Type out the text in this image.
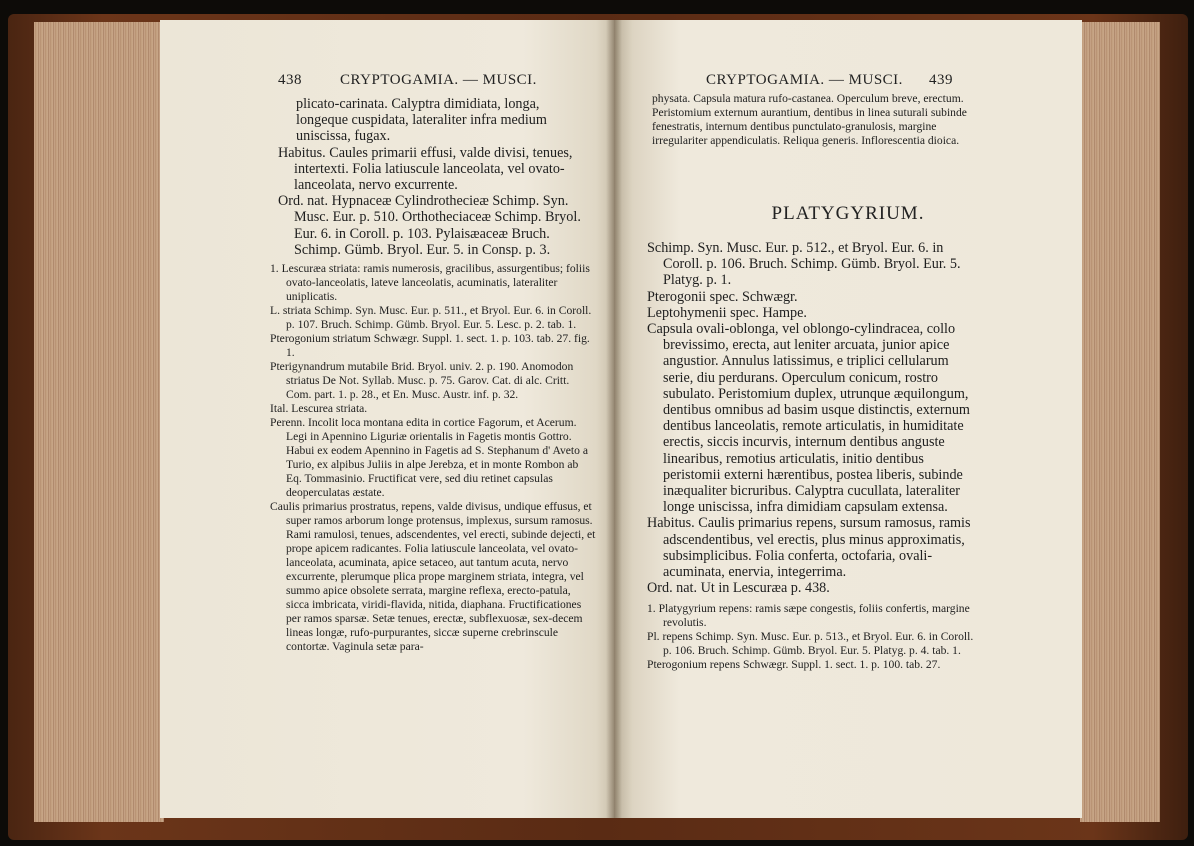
438	CRYPTOGAMIA. — MUSCI.

plicato-carinata. Calyptra dimidiata, longa, longeque cuspidata, lateraliter infra medium uniscissa, fugax.

Habitus. Caules primarii effusi, valde divisi, tenues, intertexti. Folia latiuscule lanceolata, vel ovato-lanceolata, nervo excurrente.

Ord. nat. Hypnaceæ Cylindrotheciеæ Schimp. Syn. Musc. Eur. p. 510. Orthotheciaceæ Schimp. Bryol. Eur. 6. in Coroll. p. 103. Pylaisæaceæ Bruch. Schimp. Gümb. Bryol. Eur. 5. in Consp. p. 3.

1. Lescuræa striata: ramis numerosis, gracilibus, assurgentibus; foliis ovato-lanceolatis, lateve lanceolatis, acuminatis, lateraliter uniplicatis.

L. striata Schimp. Syn. Musc. Eur. p. 511., et Bryol. Eur. 6. in Coroll. p. 107. Bruch. Schimp. Gümb. Bryol. Eur. 5. Lesc. p. 2. tab. 1.

Pterogonium striatum Schwægr. Suppl. 1. sect. 1. p. 103. tab. 27. fig. 1.

Pterigynandrum mutabile Brid. Bryol. univ. 2. p. 190. Anomodon striatus De Not. Syllab. Musc. p. 75. Garov. Cat. di alc. Critt. Com. part. 1. p. 28., et En. Musc. Austr. inf. p. 32.

Ital. Lescurea striata.

Perenn. Incolit loca montana edita in cortice Fagorum, et Acerum. Legi in Apennino Liguriæ orientalis in Fagetis montis Gottro. Habui ex eodem Apennino in Fagetis ad S. Stephanum d' Aveto a Turio, ex alpibus Juliis in alpe Jerebza, et in monte Rombon ab Eq. Tommasinio. Fructificat vere, sed diu retinet capsulas deoperculatas æstate.

Caulis primarius prostratus, repens, valde divisus, undique effusus, et super ramos arborum longe protensus, implexus, sursum ramosus. Rami ramulosi, tenues, adscendentes, vel erecti, subinde dejecti, et prope apicem radicantes. Folia latiuscule lanceolata, vel ovato-lanceolata, acuminata, apice setaceo, aut tantum acuta, nervo excurrente, plerumque plica prope marginem striata, integra, vel summo apice obsolete serrata, margine reflexa, erecto-patula, sicca imbricata, viridi-flavida, nitida, diaphana. Fructificationes per ramos sparsæ. Setæ tenues, erectæ, subflexuosæ, sex-decem lineas longæ, rufo-purpurantes, siccæ superne crebrinscule contortæ. Vaginula setæ para-

CRYPTOGAMIA. — MUSCI. 439
physata. Capsula matura rufo-castanea. Operculum breve, erectum. Peristomium externum aurantium, dentibus in linea suturali subinde fenestratis, internum dentibus punctulato-granulosis, margine irregulariter appendiculatis. Reliqua generis. Inflorescentia dioica.
PLATYGYRIUM.

Schimp. Syn. Musc. Eur. p. 512., et Bryol. Eur. 6. in Coroll. p. 106. Bruch. Schimp. Gümb. Bryol. Eur. 5. Platyg. p. 1.

Pterogonii spec. Schwægr.

Leptohymenii spec. Hampe.

Capsula ovali-oblonga, vel oblongo-cylindracea, collo brevissimo, erecta, aut leniter arcuata, junior apice angustior. Annulus latissimus, e triplici cellularum serie, diu perdurans. Operculum conicum, rostro subulato. Peristomium duplex, utrunque æquilongum, dentibus omnibus ad basim usque distinctis, externum dentibus lanceolatis, remote articulatis, in humiditate erectis, siccis incurvis, internum dentibus anguste linearibus, remotius articulatis, initio dentibus peristomii externi hærentibus, postea liberis, subinde inæqualiter bicruribus. Calyptra cucullata, lateraliter longe uniscissa, infra dimidiam capsulam extensa.

Habitus. Caulis primarius repens, sursum ramosus, ramis adscendentibus, vel erectis, plus minus approximatis, subsimplicibus. Folia conferta, octofaria, ovali-acuminata, enervia, integerrima.

Ord. nat. Ut in Lescuræa p. 438.

1. Platygyrium repens: ramis sæpe congestis, foliis confertis, margine revolutis.

Pl. repens Schimp. Syn. Musc. Eur. p. 513., et Bryol. Eur. 6. in Coroll. p. 106. Bruch. Schimp. Gümb. Bryol. Eur. 5. Platyg. p. 4. tab. 1.

Pterogonium repens Schwægr. Suppl. 1. sect. 1. p. 100. tab. 27.
